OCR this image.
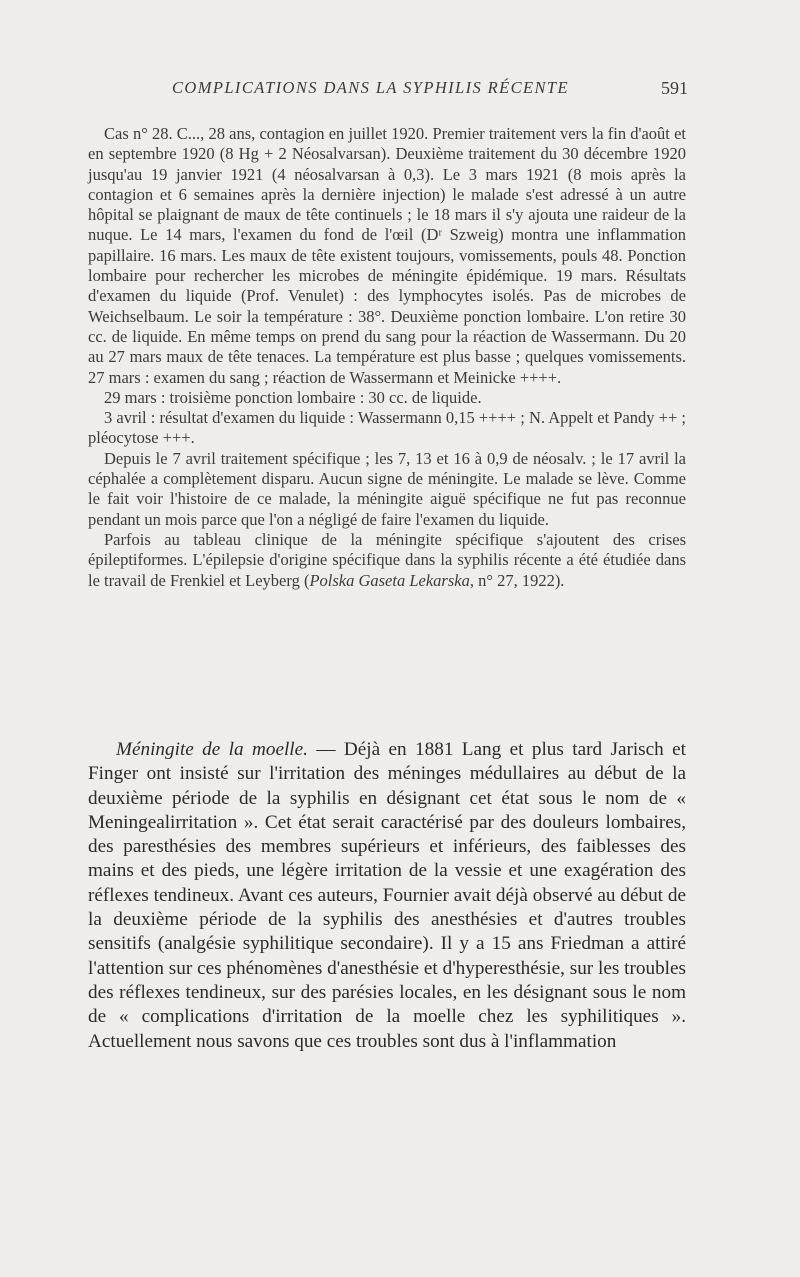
COMPLICATIONS DANS LA SYPHILIS RÉCENTE	591

Cas n° 28. C..., 28 ans, contagion en juillet 1920. Premier traitement vers la fin d'août et en septembre 1920 (8 Hg + 2 Néosalvarsan). Deuxième traitement du 30 décembre 1920 jusqu'au 19 janvier 1921 (4 néosalvarsan à 0,3). Le 3 mars 1921 (8 mois après la contagion et 6 semaines après la dernière injection) le malade s'est adressé à un autre hôpital se plaignant de maux de tête continuels ; le 18 mars il s'y ajouta une raideur de la nuque. Le 14 mars, l'examen du fond de l'œil (Dʳ Szweig) montra une inflammation papillaire. 16 mars. Les maux de tête existent toujours, vomissements, pouls 48. Ponction lombaire pour rechercher les microbes de méningite épidémique. 19 mars. Résultats d'examen du liquide (Prof. Venulet) : des lymphocytes isolés. Pas de microbes de Weichselbaum. Le soir la température : 38°. Deuxième ponction lombaire. L'on retire 30 cc. de liquide. En même temps on prend du sang pour la réaction de Wassermann. Du 20 au 27 mars maux de tête tenaces. La température est plus basse ; quelques vomissements. 27 mars : examen du sang ; réaction de Wassermann et Meinicke ++++.

29 mars : troisième ponction lombaire : 30 cc. de liquide.

3 avril : résultat d'examen du liquide : Wassermann 0,15 ++++ ; N. Appelt et Pandy ++ ; pléocytose +++.

Depuis le 7 avril traitement spécifique ; les 7, 13 et 16 à 0,9 de néosalv. ; le 17 avril la céphalée a complètement disparu. Aucun signe de méningite. Le malade se lève. Comme le fait voir l'histoire de ce malade, la méningite aiguë spécifique ne fut pas reconnue pendant un mois parce que l'on a négligé de faire l'examen du liquide.

Parfois au tableau clinique de la méningite spécifique s'ajoutent des crises épileptiformes. L'épilepsie d'origine spécifique dans la syphilis récente a été étudiée dans le travail de Frenkiel et Leyberg (Polska Gaseta Lekarska, n° 27, 1922).

Méningite de la moelle. — Déjà en 1881 Lang et plus tard Jarisch et Finger ont insisté sur l'irritation des méninges médullaires au début de la deuxième période de la syphilis en désignant cet état sous le nom de « Meningealirritation ». Cet état serait caractérisé par des douleurs lombaires, des paresthésies des membres supérieurs et inférieurs, des faiblesses des mains et des pieds, une légère irritation de la vessie et une exagération des réflexes tendineux. Avant ces auteurs, Fournier avait déjà observé au début de la deuxième période de la syphilis des anesthésies et d'autres troubles sensitifs (analgésie syphilitique secondaire). Il y a 15 ans Friedman a attiré l'attention sur ces phénomènes d'anesthésie et d'hyperesthésie, sur les troubles des réflexes tendineux, sur des parésies locales, en les désignant sous le nom de « complications d'irritation de la moelle chez les syphilitiques ». Actuellement nous savons que ces troubles sont dus à l'inflammation
